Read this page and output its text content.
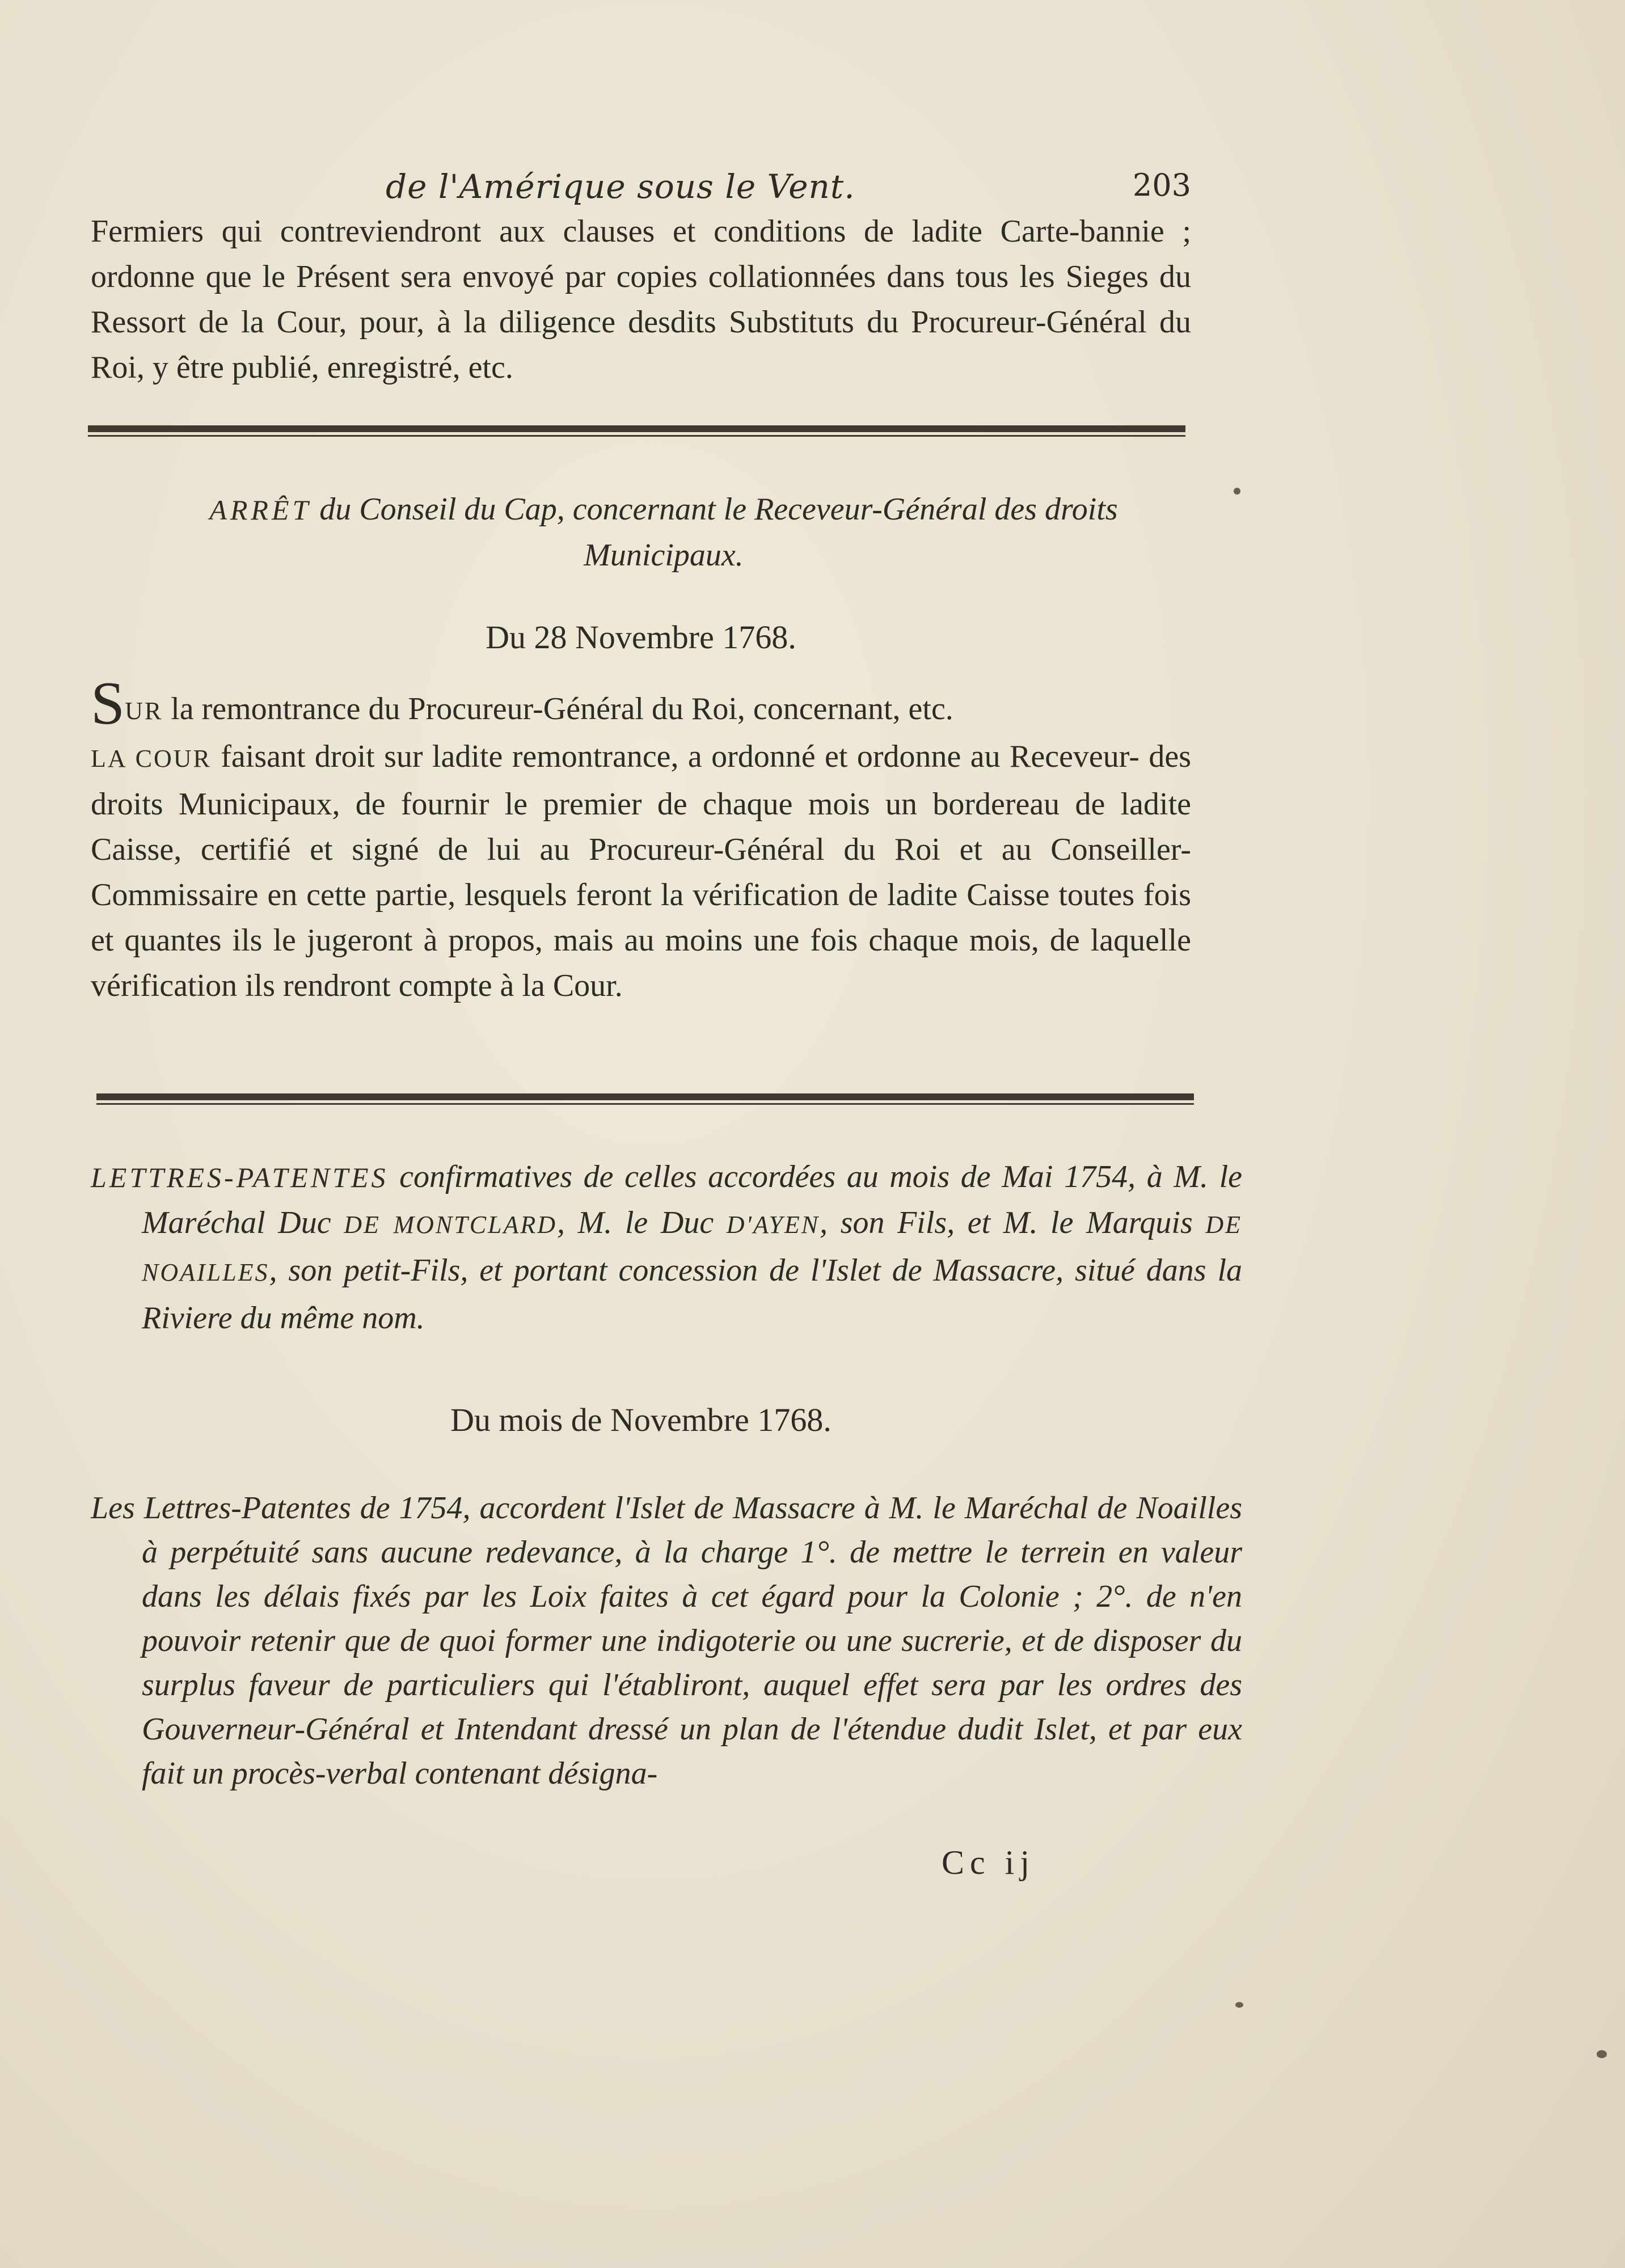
de l'Amérique sous le Vent.	203

Fermiers qui contreviendront aux clauses et conditions de ladite Carte-bannie ; ordonne que le Présent sera envoyé par copies collationnées dans tous les Sieges du Ressort de la Cour, pour, à la diligence desdits Substituts du Procureur-Général du Roi, y être publié, enregistré, etc.

ARRÊT du Conseil du Cap, concernant le Receveur-Général des droits Municipaux.
Du 28 Novembre 1768.

SUR la remontrance du Procureur-Général du Roi, concernant, etc.
LA COUR faisant droit sur ladite remontrance, a ordonné et ordonne au Receveur- des droits Municipaux, de fournir le premier de chaque mois un bordereau de ladite Caisse, certifié et signé de lui au Procureur-Général du Roi et au Conseiller-Commissaire en cette partie, lesquels feront la vérification de ladite Caisse toutes fois et quantes ils le jugeront à propos, mais au moins une fois chaque mois, de laquelle vérification ils rendront compte à la Cour.

LETTRES-PATENTES confirmatives de celles accordées au mois de Mai 1754, à M. le Maréchal Duc DE MONTCLARD, M. le Duc D'AYEN, son Fils, et M. le Marquis DE NOAILLES, son petit-Fils, et portant concession de l'Islet de Massacre, situé dans la Riviere du même nom.
Du mois de Novembre 1768.
Les Lettres-Patentes de 1754, accordent l'Islet de Massacre à M. le Maréchal de Noailles à perpétuité sans aucune redevance, à la charge 1°. de mettre le terrein en valeur dans les délais fixés par les Loix faites à cet égard pour la Colonie ; 2°. de n'en pouvoir retenir que de quoi former une indigoterie ou une sucrerie, et de disposer du surplus faveur de particuliers qui l'établiront, auquel effet sera par les ordres des Gouverneur-Général et Intendant dressé un plan de l'étendue dudit Islet, et par eux fait un procès-verbal contenant désigna-
Cc ij
